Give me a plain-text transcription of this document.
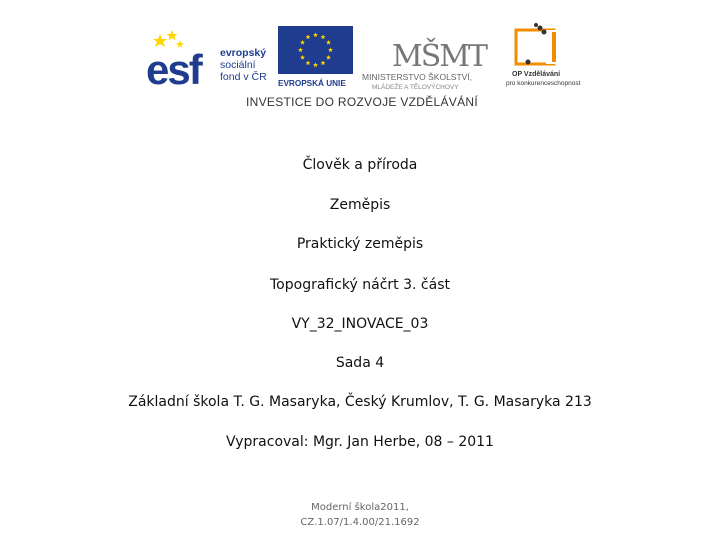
esf evropský
sociální
fond v ČR
EVROPSKÁ UNIE
MŠMT
MINISTERSTVO ŠKOLSTVÍ,
MLÁDEŽE A TĚLOVÝCHOVY
OP Vzdělávání
pro konkurenceschopnost
INVESTICE DO ROZVOJE VZDĚLÁVÁNÍ
Člověk a příroda
Zeměpis
Praktický zeměpis
Topografický náčrt 3. část
VY_32_INOVACE_03
Sada 4
Základní škola T. G. Masaryka, Český Krumlov, T. G. Masaryka 213
Vypracoval: Mgr. Jan Herbe, 08 – 2011
Moderní škola2011,
CZ.1.07/1.4.00/21.1692
